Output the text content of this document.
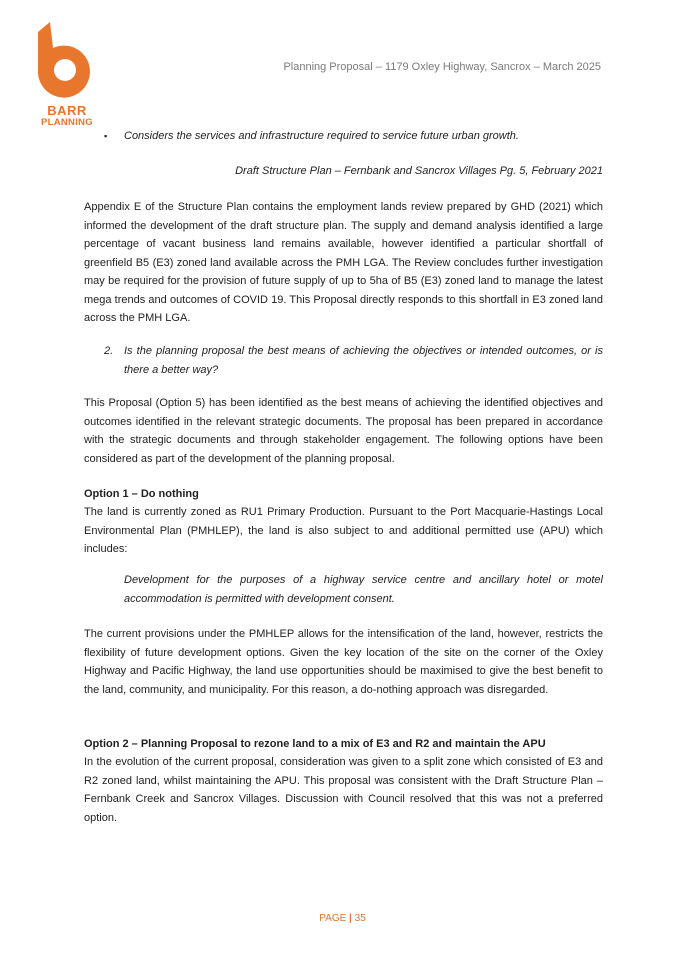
BARR
PLANNING
Planning Proposal – 1179 Oxley Highway, Sancrox – March 2025
▪ Considers the services and infrastructure required to service future urban growth.
Draft Structure Plan – Fernbank and Sancrox Villages Pg. 5, February 2021
Appendix E of the Structure Plan contains the employment lands review prepared by GHD (2021) which informed the development of the draft structure plan. The supply and demand analysis identified a large percentage of vacant business land remains available, however identified a particular shortfall of greenfield B5 (E3) zoned land available across the PMH LGA. The Review concludes further investigation may be required for the provision of future supply of up to 5ha of B5 (E3) zoned land to manage the latest mega trends and outcomes of COVID 19. This Proposal directly responds to this shortfall in E3 zoned land across the PMH LGA.
2. Is the planning proposal the best means of achieving the objectives or intended outcomes, or is there a better way?
This Proposal (Option 5) has been identified as the best means of achieving the identified objectives and outcomes identified in the relevant strategic documents. The proposal has been prepared in accordance with the strategic documents and through stakeholder engagement. The following options have been considered as part of the development of the planning proposal.
Option 1 – Do nothing
The land is currently zoned as RU1 Primary Production. Pursuant to the Port Macquarie-Hastings Local Environmental Plan (PMHLEP), the land is also subject to and additional permitted use (APU) which includes:
Development for the purposes of a highway service centre and ancillary hotel or motel accommodation is permitted with development consent.
The current provisions under the PMHLEP allows for the intensification of the land, however, restricts the flexibility of future development options. Given the key location of the site on the corner of the Oxley Highway and Pacific Highway, the land use opportunities should be maximised to give the best benefit to the land, community, and municipality. For this reason, a do-nothing approach was disregarded.
Option 2 – Planning Proposal to rezone land to a mix of E3 and R2 and maintain the APU
In the evolution of the current proposal, consideration was given to a split zone which consisted of E3 and R2 zoned land, whilst maintaining the APU. This proposal was consistent with the Draft Structure Plan – Fernbank Creek and Sancrox Villages. Discussion with Council resolved that this was not a preferred option.
PAGE | 35
